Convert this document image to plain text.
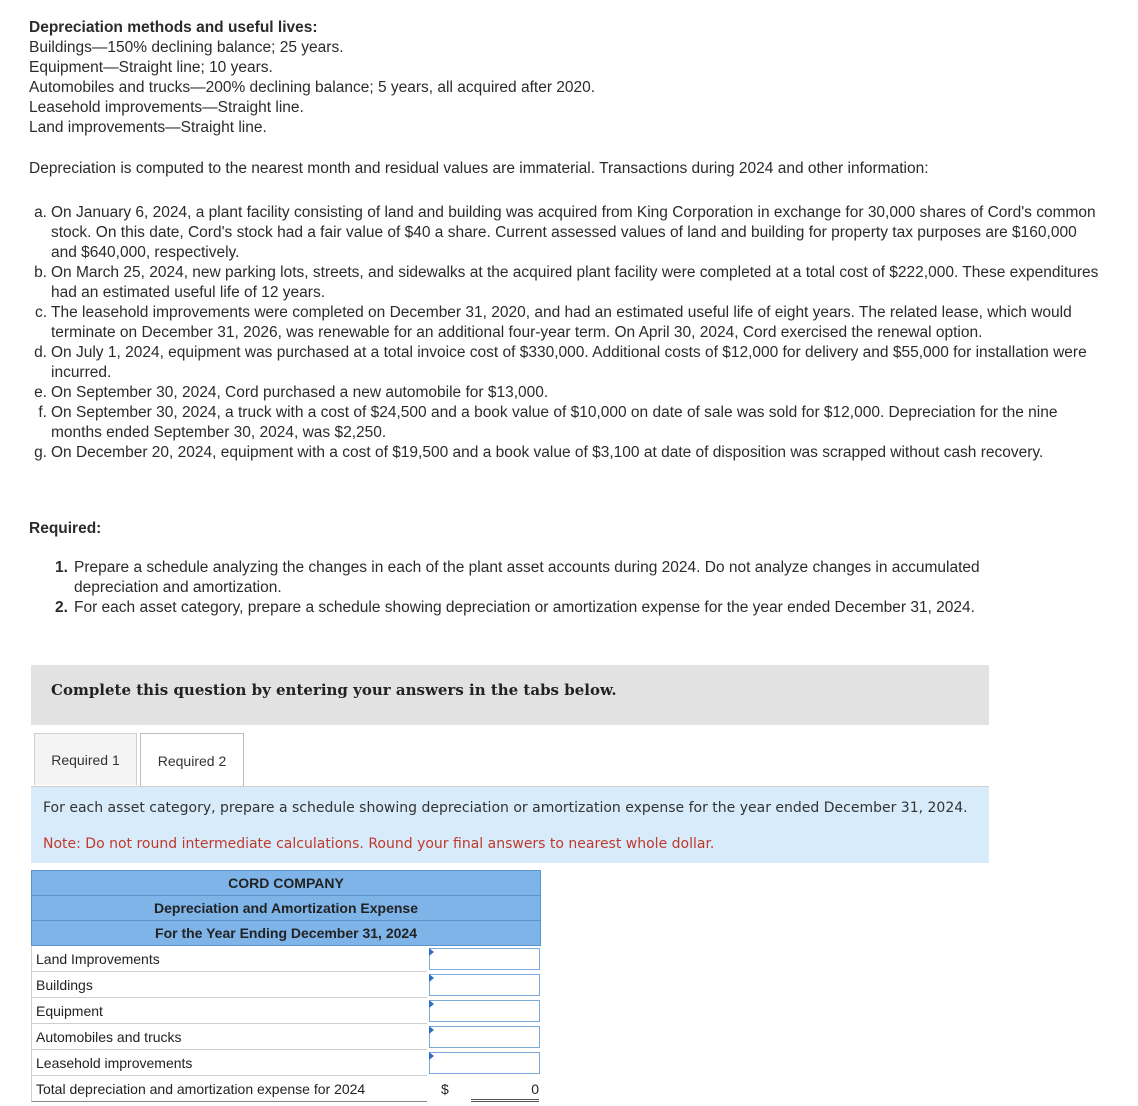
Depreciation methods and useful lives:
Buildings—150% declining balance; 25 years.
Equipment—Straight line; 10 years.
Automobiles and trucks—200% declining balance; 5 years, all acquired after 2020.
Leasehold improvements—Straight line.
Land improvements—Straight line.
Depreciation is computed to the nearest month and residual values are immaterial. Transactions during 2024 and other information:
a. On January 6, 2024, a plant facility consisting of land and building was acquired from King Corporation in exchange for 30,000 shares of Cord's common stock. On this date, Cord's stock had a fair value of $40 a share. Current assessed values of land and building for property tax purposes are $160,000 and $640,000, respectively.
b. On March 25, 2024, new parking lots, streets, and sidewalks at the acquired plant facility were completed at a total cost of $222,000. These expenditures had an estimated useful life of 12 years.
c. The leasehold improvements were completed on December 31, 2020, and had an estimated useful life of eight years. The related lease, which would terminate on December 31, 2026, was renewable for an additional four-year term. On April 30, 2024, Cord exercised the renewal option.
d. On July 1, 2024, equipment was purchased at a total invoice cost of $330,000. Additional costs of $12,000 for delivery and $55,000 for installation were incurred.
e. On September 30, 2024, Cord purchased a new automobile for $13,000.
f. On September 30, 2024, a truck with a cost of $24,500 and a book value of $10,000 on date of sale was sold for $12,000. Depreciation for the nine months ended September 30, 2024, was $2,250.
g. On December 20, 2024, equipment with a cost of $19,500 and a book value of $3,100 at date of disposition was scrapped without cash recovery.
Required:
1. Prepare a schedule analyzing the changes in each of the plant asset accounts during 2024. Do not analyze changes in accumulated depreciation and amortization.
2. For each asset category, prepare a schedule showing depreciation or amortization expense for the year ended December 31, 2024.
Complete this question by entering your answers in the tabs below.
Required 1	Required 2
For each asset category, prepare a schedule showing depreciation or amortization expense for the year ended December 31, 2024.
Note: Do not round intermediate calculations. Round your final answers to nearest whole dollar.
CORD COMPANY
Depreciation and Amortization Expense
For the Year Ending December 31, 2024
Land Improvements
Buildings
Equipment
Automobiles and trucks
Leasehold improvements
Total depreciation and amortization expense for 2024	$	0
